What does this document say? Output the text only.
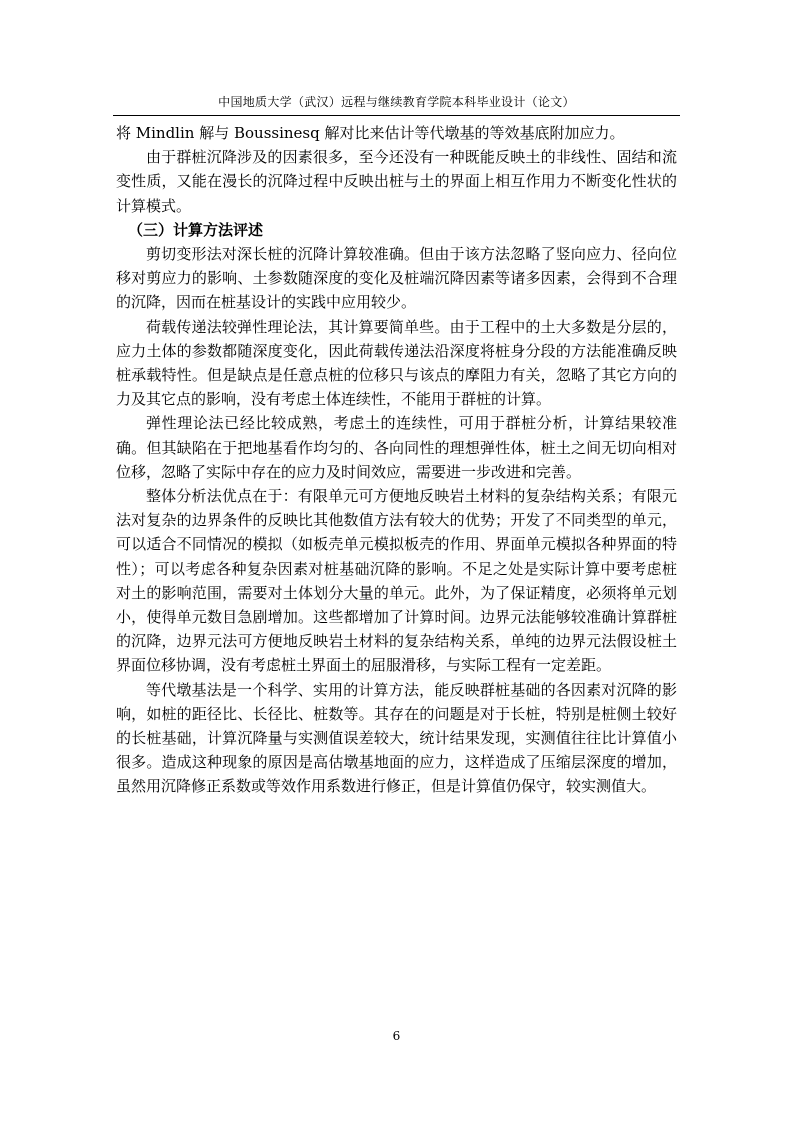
中国地质大学（武汉）远程与继续教育学院本科毕业设计（论文）

将 Mindlin 解与 Boussinesq 解对比来估计等代墩基的等效基底附加应力。

由于群桩沉降涉及的因素很多，至今还没有一种既能反映土的非线性、固结和流变性质，又能在漫长的沉降过程中反映出桩与土的界面上相互作用力不断变化性状的计算模式。

（三）计算方法评述

剪切变形法对深长桩的沉降计算较准确。但由于该方法忽略了竖向应力、径向位移对剪应力的影响、土参数随深度的变化及桩端沉降因素等诸多因素，会得到不合理的沉降，因而在桩基设计的实践中应用较少。

荷载传递法较弹性理论法，其计算要简单些。由于工程中的土大多数是分层的，应力土体的参数都随深度变化，因此荷载传递法沿深度将桩身分段的方法能准确反映桩承载特性。但是缺点是任意点桩的位移只与该点的摩阻力有关，忽略了其它方向的力及其它点的影响，没有考虑土体连续性，不能用于群桩的计算。

弹性理论法已经比较成熟，考虑土的连续性，可用于群桩分析，计算结果较准确。但其缺陷在于把地基看作均匀的、各向同性的理想弹性体，桩土之间无切向相对位移，忽略了实际中存在的应力及时间效应，需要进一步改进和完善。

整体分析法优点在于：有限单元可方便地反映岩土材料的复杂结构关系；有限元法对复杂的边界条件的反映比其他数值方法有较大的优势；开发了不同类型的单元，可以适合不同情况的模拟（如板壳单元模拟板壳的作用、界面单元模拟各种界面的特性）；可以考虑各种复杂因素对桩基础沉降的影响。不足之处是实际计算中要考虑桩对土的影响范围，需要对土体划分大量的单元。此外，为了保证精度，必须将单元划小，使得单元数目急剧增加。这些都增加了计算时间。边界元法能够较准确计算群桩的沉降，边界元法可方便地反映岩土材料的复杂结构关系，单纯的边界元法假设桩土界面位移协调，没有考虑桩土界面土的屈服滑移，与实际工程有一定差距。

等代墩基法是一个科学、实用的计算方法，能反映群桩基础的各因素对沉降的影响，如桩的距径比、长径比、桩数等。其存在的问题是对于长桩，特别是桩侧土较好的长桩基础，计算沉降量与实测值误差较大，统计结果发现，实测值往往比计算值小很多。造成这种现象的原因是高估墩基地面的应力，这样造成了压缩层深度的增加，虽然用沉降修正系数或等效作用系数进行修正，但是计算值仍保守，较实测值大。

6
